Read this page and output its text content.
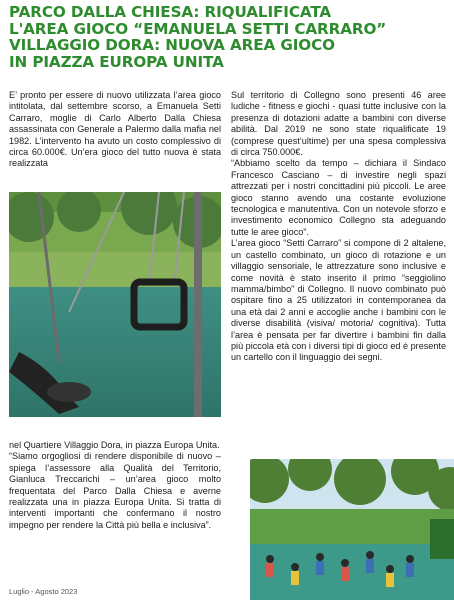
PARCO DALLA CHIESA: RIQUALIFICATA
L'AREA GIOCO “EMANUELA SETTI CARRARO”
VILLAGGIO DORA: NUOVA AREA GIOCO
IN PIAZZA EUROPA UNITA

E’ pronto per essere di nuovo utilizzata l’area gioco intitolata, dal settembre scorso, a Emanuela Setti Carraro, moglie di Carlo Alberto Dalla Chiesa assassinata con Generale a Palermo dalla mafia nel 1982. L’intervento ha avuto un costo complessivo di circa 60.000€. Un’era gioco del tutto nuova è stata realizzata

nel Quartiere Villaggio Dora, in piazza Europa Unita.

“Siamo orgogliosi di rendere disponibile di nuovo – spiega l’assessore alla Qualità del Territorio, Gianluca Treccarichi – un’area gioco molto frequentata del Parco Dalla Chiesa e averne realizzata una in piazza Europa Unita. Si tratta di interventi importanti che confermano il nostro impegno per rendere la Città più bella e inclusiva”.

Sul territorio di Collegno sono presenti 46 aree ludiche - fitness e giochi - quasi tutte inclusive con la presenza di dotazioni adatte a bambini con diverse abilità. Dal 2019 ne sono state riqualificate 19 (comprese quest’ultime) per una spesa complessiva di circa 750.000€.

“Abbiamo scelto da tempo – dichiara il Sindaco Francesco Casciano – di investire negli spazi attrezzati per i nostri concittadini più piccoli. Le aree gioco stanno avendo una costante evoluzione tecnologica e manutentiva. Con un notevole sforzo e investimento economico Collegno sta adeguando tutte le aree gioco”.

L’area gioco “Setti Carraro” si compone di 2 altalene, un castello combinato, un gioco di rotazione e un villaggio sensoriale, le attrezzature sono inclusive e come novità è stato inserito il primo “seggiolino mamma/bimbo” di Collegno. Il nuovo combinato può ospitare fino a 25 utilizzatori in contemporanea da una età dai 2 anni e accoglie anche i bambini con le diverse disabilità (visiva/ motoria/ cognitiva). Tutta l’area è pensata per far divertire i bambini fin dalla più piccola età con i diversi tipi di gioco ed è presente un cartello con il linguaggio dei segni.

Luglio - Agosto 2023
